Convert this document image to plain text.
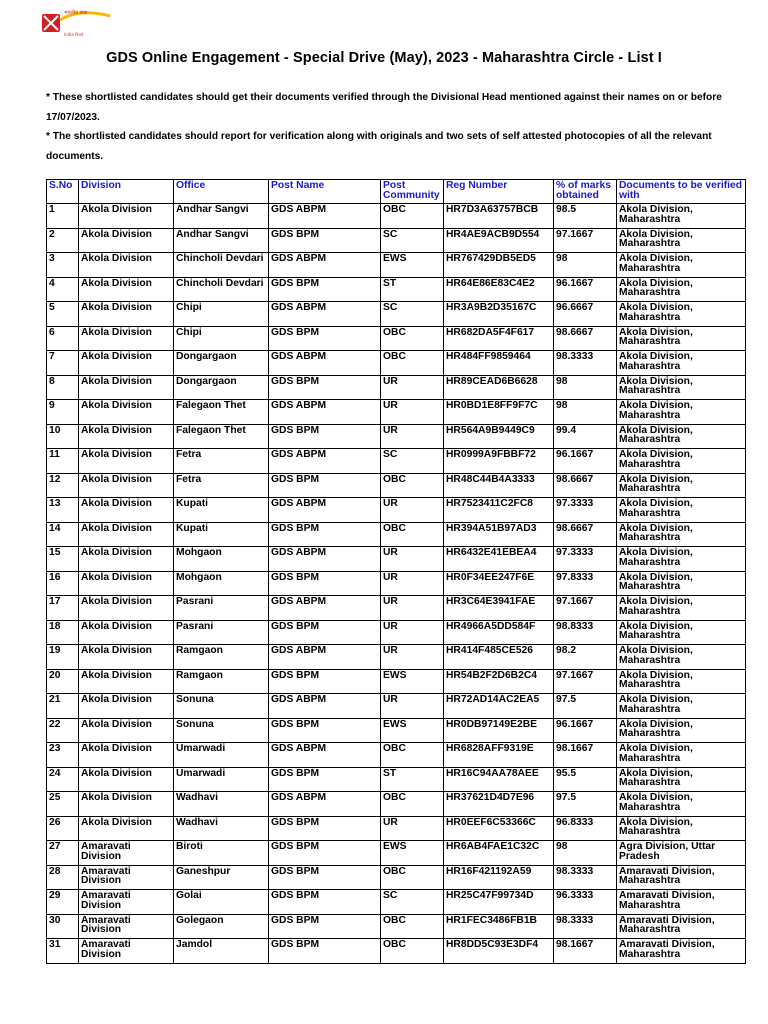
भारतीय डाक
India Post
GDS Online Engagement - Special Drive (May), 2023 - Maharashtra Circle - List I
* These shortlisted candidates should get their documents verified through the Divisional Head mentioned against their names on or before 17/07/2023.
* The shortlisted candidates should report for verification along with originals and two sets of self attested photocopies of all the relevant documents.
S.No	Division	Office	Post Name	Post Community	Reg Number	% of marks obtained	Documents to be verified with
1	Akola Division	Andhar Sangvi	GDS ABPM	OBC	HR7D3A63757BCB	98.5	Akola Division, Maharashtra
2	Akola Division	Andhar Sangvi	GDS BPM	SC	HR4AE9ACB9D554	97.1667	Akola Division, Maharashtra
3	Akola Division	Chincholi Devdari	GDS ABPM	EWS	HR767429DB5ED5	98	Akola Division, Maharashtra
4	Akola Division	Chincholi Devdari	GDS BPM	ST	HR64E86E83C4E2	96.1667	Akola Division, Maharashtra
5	Akola Division	Chipi	GDS ABPM	SC	HR3A9B2D35167C	96.6667	Akola Division, Maharashtra
6	Akola Division	Chipi	GDS BPM	OBC	HR682DA5F4F617	98.6667	Akola Division, Maharashtra
7	Akola Division	Dongargaon	GDS ABPM	OBC	HR484FF9859464	98.3333	Akola Division, Maharashtra
8	Akola Division	Dongargaon	GDS BPM	UR	HR89CEAD6B6628	98	Akola Division, Maharashtra
9	Akola Division	Falegaon Thet	GDS ABPM	UR	HR0BD1E8FF9F7C	98	Akola Division, Maharashtra
10	Akola Division	Falegaon Thet	GDS BPM	UR	HR564A9B9449C9	99.4	Akola Division, Maharashtra
11	Akola Division	Fetra	GDS ABPM	SC	HR0999A9FBBF72	96.1667	Akola Division, Maharashtra
12	Akola Division	Fetra	GDS BPM	OBC	HR48C44B4A3333	98.6667	Akola Division, Maharashtra
13	Akola Division	Kupati	GDS ABPM	UR	HR7523411C2FC8	97.3333	Akola Division, Maharashtra
14	Akola Division	Kupati	GDS BPM	OBC	HR394A51B97AD3	98.6667	Akola Division, Maharashtra
15	Akola Division	Mohgaon	GDS ABPM	UR	HR6432E41EBEA4	97.3333	Akola Division, Maharashtra
16	Akola Division	Mohgaon	GDS BPM	UR	HR0F34EE247F6E	97.8333	Akola Division, Maharashtra
17	Akola Division	Pasrani	GDS ABPM	UR	HR3C64E3941FAE	97.1667	Akola Division, Maharashtra
18	Akola Division	Pasrani	GDS BPM	UR	HR4966A5DD584F	98.8333	Akola Division, Maharashtra
19	Akola Division	Ramgaon	GDS ABPM	UR	HR414F485CE526	98.2	Akola Division, Maharashtra
20	Akola Division	Ramgaon	GDS BPM	EWS	HR54B2F2D6B2C4	97.1667	Akola Division, Maharashtra
21	Akola Division	Sonuna	GDS ABPM	UR	HR72AD14AC2EA5	97.5	Akola Division, Maharashtra
22	Akola Division	Sonuna	GDS BPM	EWS	HR0DB97149E2BE	96.1667	Akola Division, Maharashtra
23	Akola Division	Umarwadi	GDS ABPM	OBC	HR6828AFF9319E	98.1667	Akola Division, Maharashtra
24	Akola Division	Umarwadi	GDS BPM	ST	HR16C94AA78AEE	95.5	Akola Division, Maharashtra
25	Akola Division	Wadhavi	GDS ABPM	OBC	HR37621D4D7E96	97.5	Akola Division, Maharashtra
26	Akola Division	Wadhavi	GDS BPM	UR	HR0EEF6C53366C	96.8333	Akola Division, Maharashtra
27	Amaravati Division	Biroti	GDS BPM	EWS	HR6AB4FAE1C32C	98	Agra Division, Uttar Pradesh
28	Amaravati Division	Ganeshpur	GDS BPM	OBC	HR16F421192A59	98.3333	Amaravati Division, Maharashtra
29	Amaravati Division	Golai	GDS BPM	SC	HR25C47F99734D	96.3333	Amaravati Division, Maharashtra
30	Amaravati Division	Golegaon	GDS BPM	OBC	HR1FEC3486FB1B	98.3333	Amaravati Division, Maharashtra
31	Amaravati Division	Jamdol	GDS BPM	OBC	HR8DD5C93E3DF4	98.1667	Amaravati Division, Maharashtra
